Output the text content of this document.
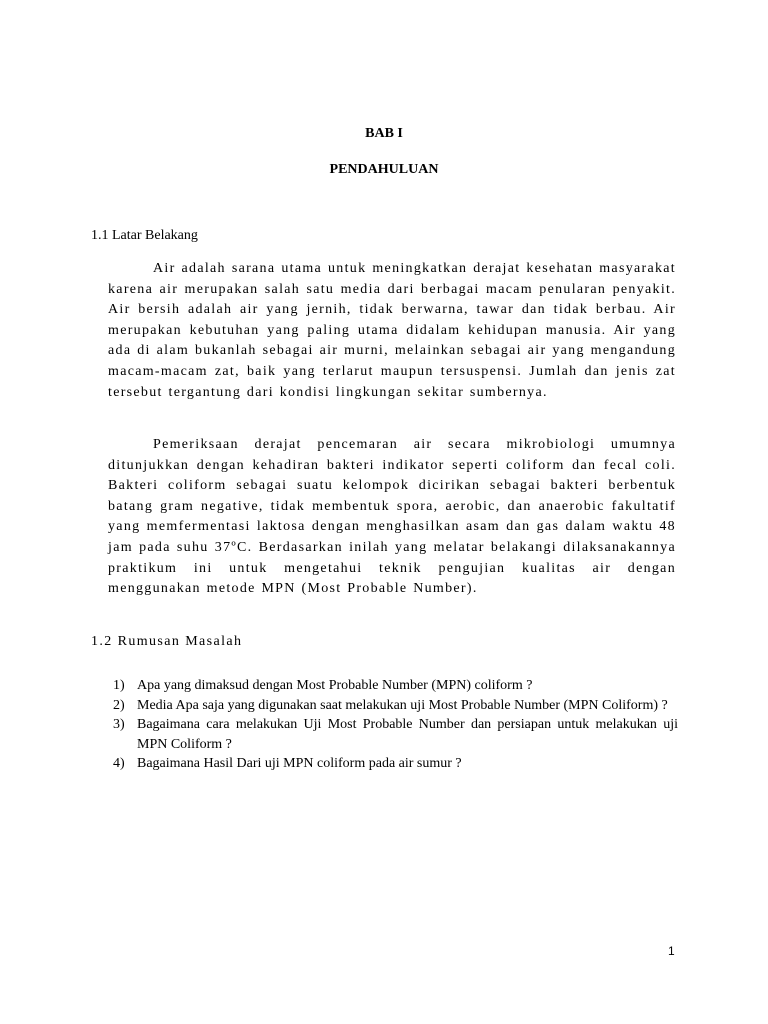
BAB I
PENDAHULUAN
1.1 Latar Belakang

Air adalah sarana utama untuk meningkatkan derajat kesehatan masyarakat karena air merupakan salah satu media dari berbagai macam penularan penyakit. Air bersih adalah air yang jernih, tidak berwarna, tawar dan tidak berbau. Air merupakan kebutuhan yang paling utama didalam kehidupan manusia. Air yang ada di alam bukanlah sebagai air murni, melainkan sebagai air yang mengandung macam-macam zat, baik yang terlarut maupun tersuspensi. Jumlah dan jenis zat tersebut tergantung dari kondisi lingkungan sekitar sumbernya.

Pemeriksaan derajat pencemaran air secara mikrobiologi umumnya ditunjukkan dengan kehadiran bakteri indikator seperti coliform dan fecal coli. Bakteri coliform sebagai suatu kelompok dicirikan sebagai bakteri berbentuk batang gram negative, tidak membentuk spora, aerobic, dan anaerobic fakultatif yang memfermentasi laktosa dengan menghasilkan asam dan gas dalam waktu 48 jam pada suhu 37ºC. Berdasarkan inilah yang melatar belakangi dilaksanakannya praktikum ini untuk mengetahui teknik pengujian kualitas air dengan menggunakan metode MPN (Most Probable Number).

1.2 Rumusan Masalah
1) Apa yang dimaksud dengan Most Probable Number (MPN) coliform ?
2) Media Apa saja yang digunakan saat melakukan uji Most Probable Number (MPN Coliform) ?
3) Bagaimana cara melakukan Uji Most Probable Number dan persiapan untuk melakukan uji MPN Coliform ?
4) Bagaimana Hasil Dari uji MPN coliform pada air sumur ?
1
